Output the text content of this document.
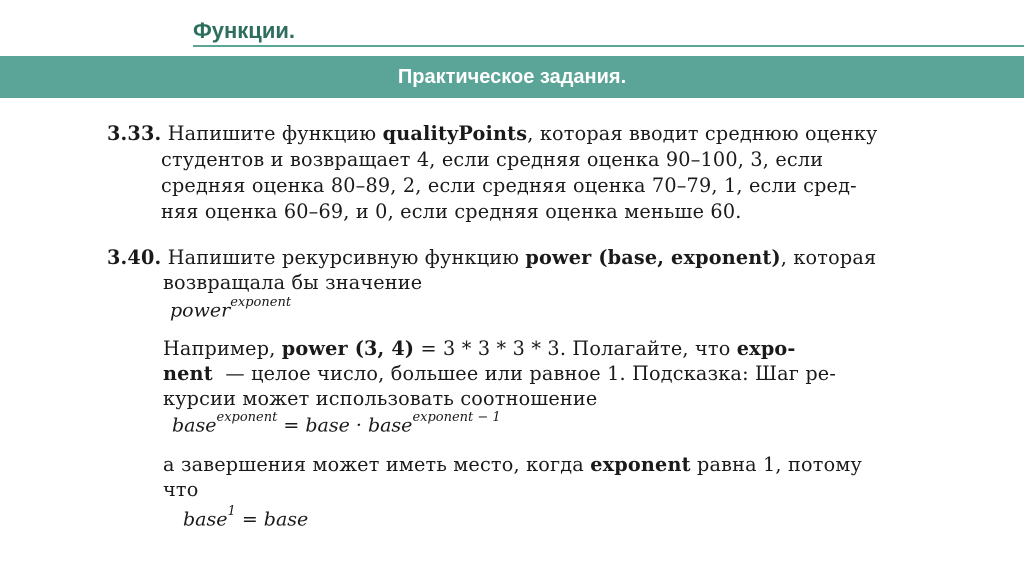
Функции.
Практическое задания.
3.33. Напишите функцию qualityPoints, которая вводит среднюю оценку
студентов и возвращает 4, если средняя оценка 90–100, 3, если
средняя оценка 80–89, 2, если средняя оценка 70–79, 1, если сред-
няя оценка 60–69, и 0, если средняя оценка меньше 60.
3.40. Напишите рекурсивную функцию power (base, exponent), которая
возвращала бы значение
power$^{exponent}$
Например, power (3, 4) = 3 * 3 * 3 * 3. Полагайте, что expo-
nent  — целое число, большее или равное 1. Подсказка: Шаг ре-
курсии может использовать соотношение
base$^{exponent}$ = base · base$^{exponent - 1}$
а завершения может иметь место, когда exponent равна 1, потому
что
base$^1$ = base
